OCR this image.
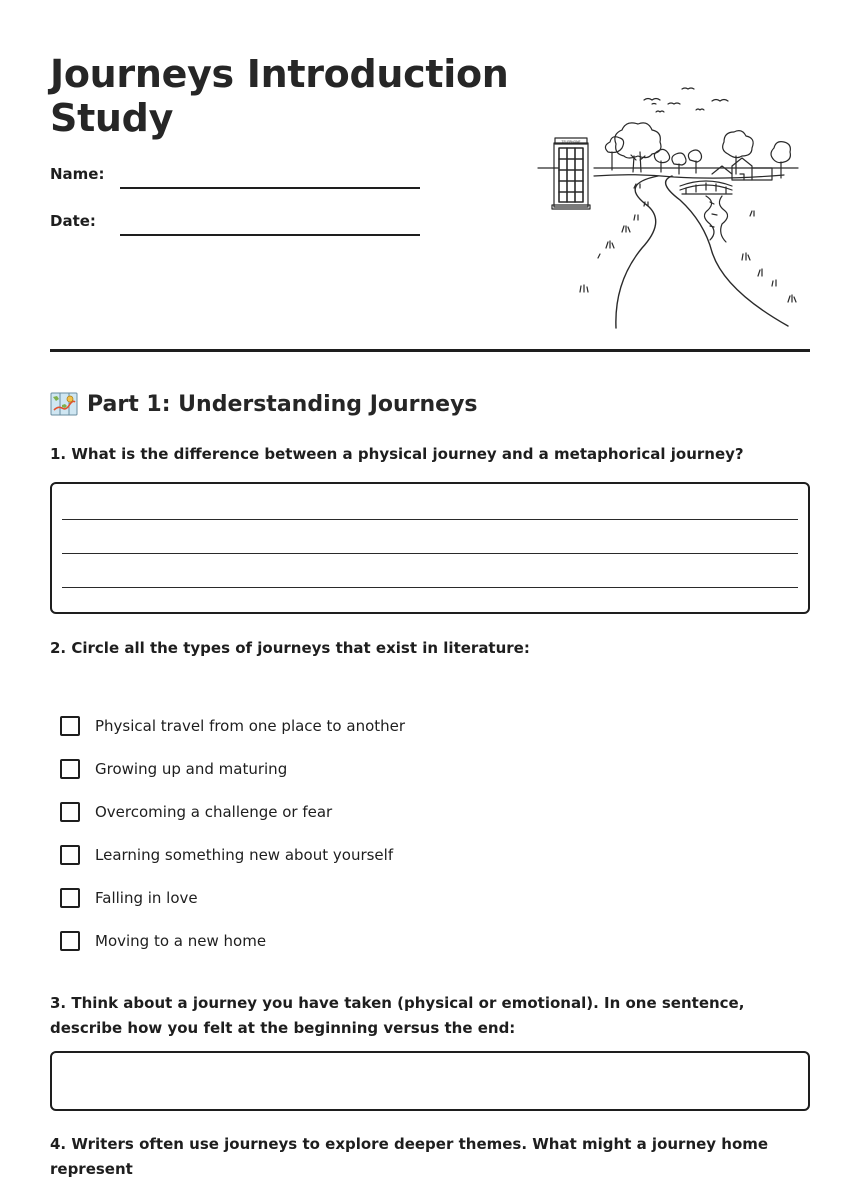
Journeys Introduction Study
Name:
Date:
TELEPHONE
Part 1: Understanding Journeys
1. What is the difference between a physical journey and a metaphorical journey?
2. Circle all the types of journeys that exist in literature:
Physical travel from one place to another
Growing up and maturing
Overcoming a challenge or fear
Learning something new about yourself
Falling in love
Moving to a new home
3. Think about a journey you have taken (physical or emotional). In one sentence, describe how you felt at the beginning versus the end:
4. Writers often use journeys to explore deeper themes. What might a journey home represent
